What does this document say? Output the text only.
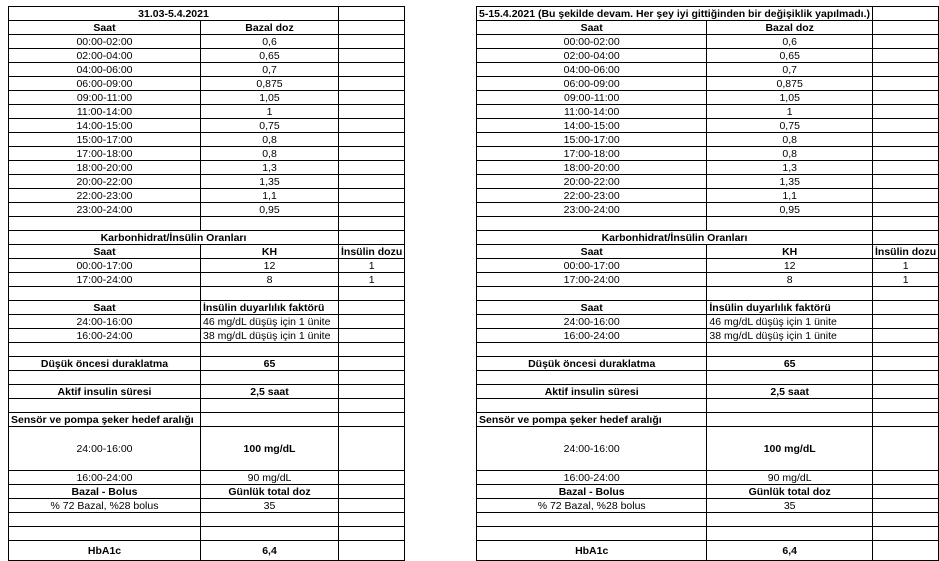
31.03-5.4.2021		
Saat	Bazal doz	
00:00-02:00	0,6	
02:00-04:00	0,65	
04:00-06:00	0,7	
06:00-09:00	0,875	
09:00-11:00	1,05	
11:00-14:00	1	
14:00-15:00	0,75	
15:00-17:00	0,8	
17:00-18:00	0,8	
18:00-20:00	1,3	
20:00-22:00	1,35	
22:00-23:00	1,1	
23:00-24:00	0,95	

Karbonhidrat/İnsülin Oranları		
Saat	KH	İnsülin dozu
00:00-17:00	12	1
17:00-24:00	8	1

Saat	İnsülin duyarlılık faktörü	
24:00-16:00	46 mg/dL düşüş için 1 ünite	
16:00-24:00	38 mg/dL düşüş için 1 ünite	

Düşük öncesi duraklatma	65	

Aktif insulin süresi	2,5 saat	

Sensör ve pompa şeker hedef aralığı		
24:00-16:00	100 mg/dL	
16:00-24:00	90 mg/dL	
Bazal - Bolus	Günlük total doz	
% 72 Bazal, %28 bolus	35	

HbA1c	6,4	
5-15.4.2021 (Bu şekilde devam. Her şey iyi gittiğinden bir değişiklik yapılmadı.)		
Saat	Bazal doz	
00:00-02:00	0,6	
02:00-04:00	0,65	
04:00-06:00	0,7	
06:00-09:00	0,875	
09:00-11:00	1,05	
11:00-14:00	1	
14:00-15:00	0,75	
15:00-17:00	0,8	
17:00-18:00	0,8	
18:00-20:00	1,3	
20:00-22:00	1,35	
22:00-23:00	1,1	
23:00-24:00	0,95	

Karbonhidrat/İnsülin Oranları		
Saat	KH	İnsülin dozu
00:00-17:00	12	1
17:00-24:00	8	1

Saat	İnsülin duyarlılık faktörü	
24:00-16:00	46 mg/dL düşüş için 1 ünite	
16:00-24:00	38 mg/dL düşüş için 1 ünite	

Düşük öncesi duraklatma	65	

Aktif insulin süresi	2,5 saat	

Sensör ve pompa şeker hedef aralığı		
24:00-16:00	100 mg/dL	
16:00-24:00	90 mg/dL	
Bazal - Bolus	Günlük total doz	
% 72 Bazal, %28 bolus	35	

HbA1c	6,4	
